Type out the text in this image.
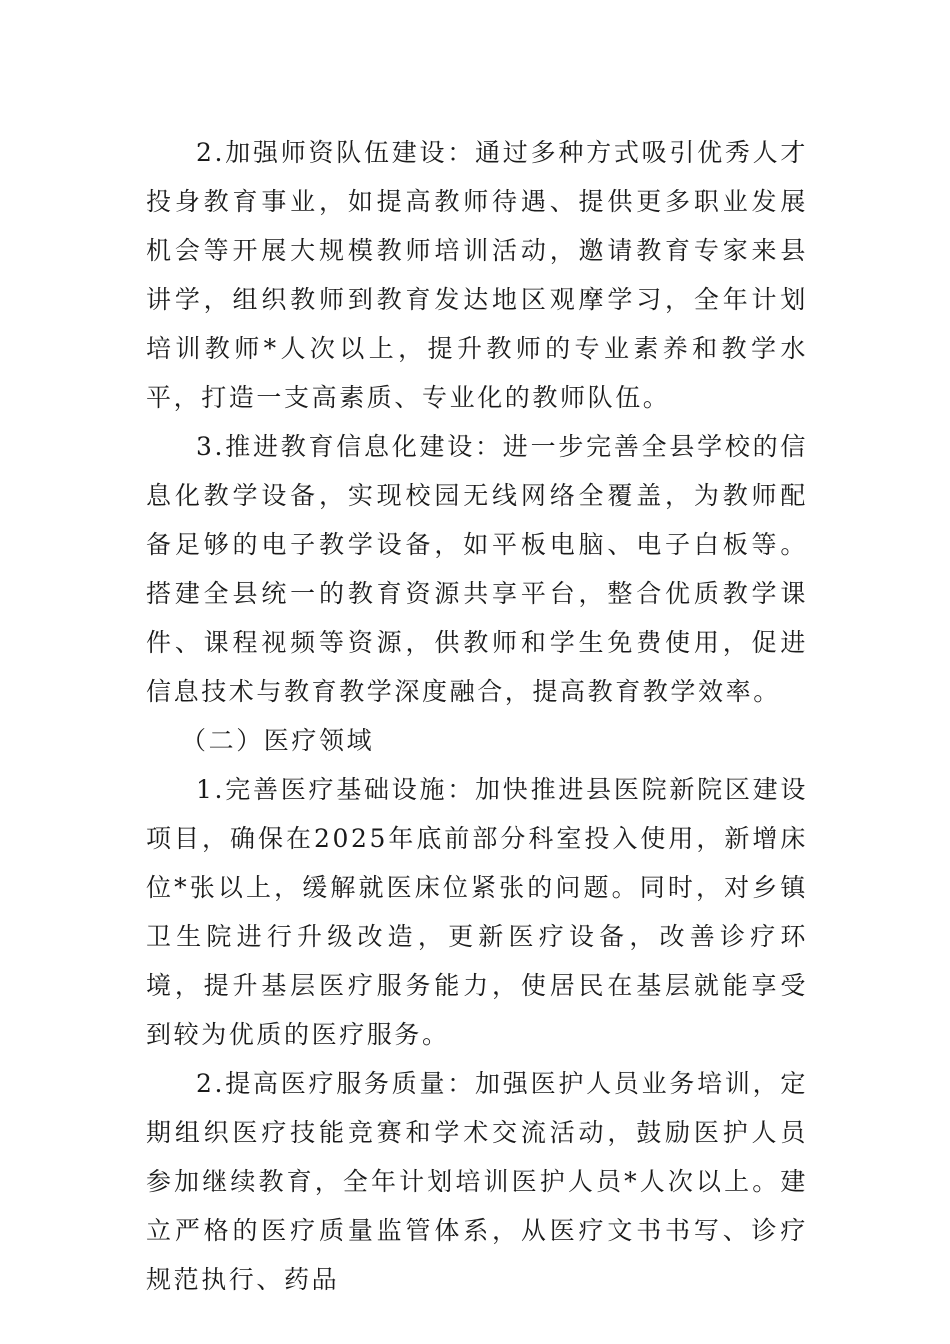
2.加强师资队伍建设：通过多种方式吸引优秀人才投身教育事业，如提高教师待遇、提供更多职业发展机会等开展大规模教师培训活动，邀请教育专家来县讲学，组织教师到教育发达地区观摩学习，全年计划培训教师*人次以上，提升教师的专业素养和教学水平，打造一支高素质、专业化的教师队伍。

3.推进教育信息化建设：进一步完善全县学校的信息化教学设备，实现校园无线网络全覆盖，为教师配备足够的电子教学设备，如平板电脑、电子白板等。搭建全县统一的教育资源共享平台，整合优质教学课件、课程视频等资源，供教师和学生免费使用，促进信息技术与教育教学深度融合，提高教育教学效率。

（二）医疗领域

1.完善医疗基础设施：加快推进县医院新院区建设项目，确保在2025年底前部分科室投入使用，新增床位*张以上，缓解就医床位紧张的问题。同时，对乡镇卫生院进行升级改造，更新医疗设备，改善诊疗环境，提升基层医疗服务能力，使居民在基层就能享受到较为优质的医疗服务。

2.提高医疗服务质量：加强医护人员业务培训，定期组织医疗技能竞赛和学术交流活动，鼓励医护人员参加继续教育，全年计划培训医护人员*人次以上。建立严格的医疗质量监管体系，从医疗文书书写、诊疗规范执行、药品
